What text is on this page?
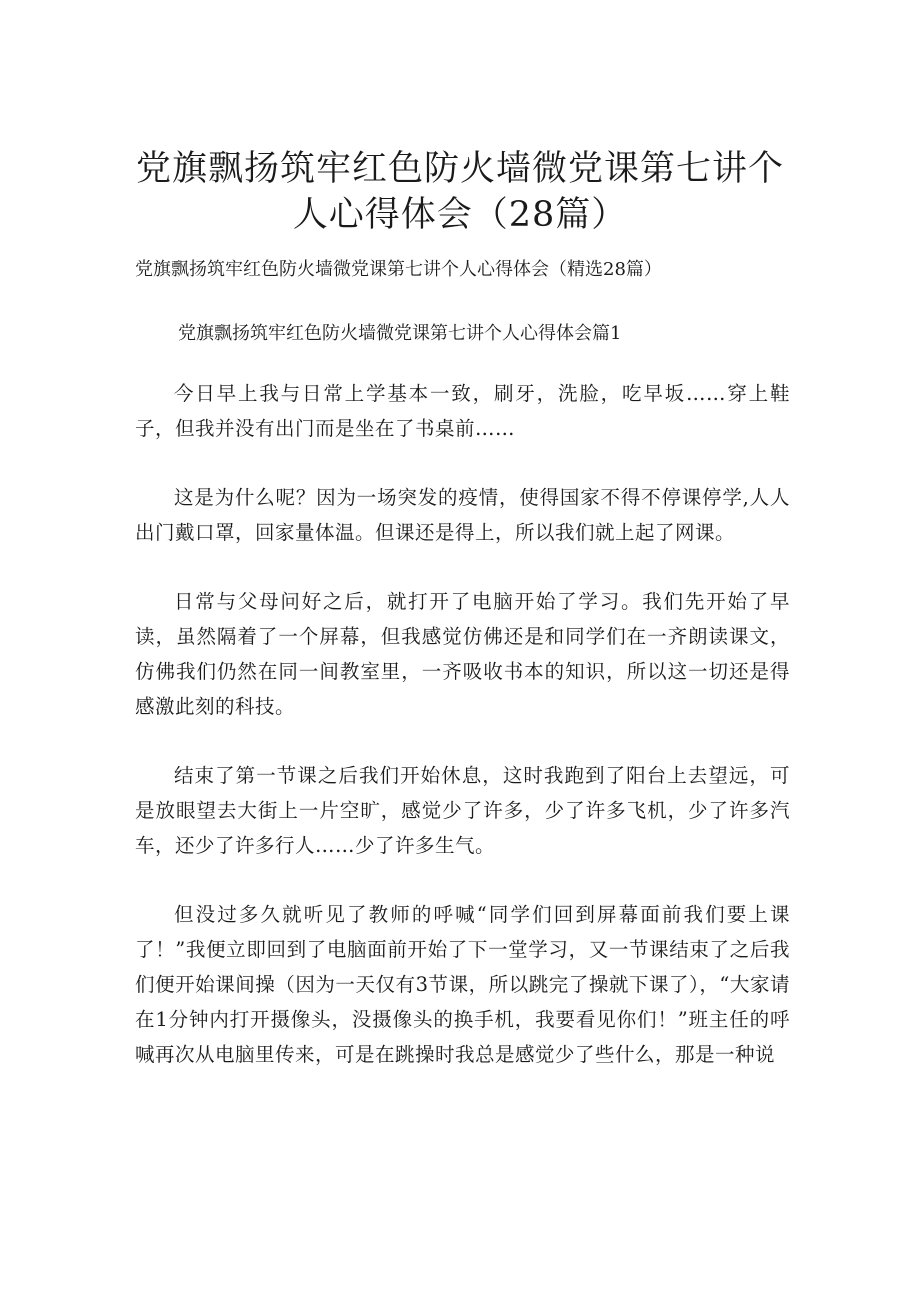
党旗飘扬筑牢红色防火墙微党课第七讲个人心得体会（28篇）

党旗飘扬筑牢红色防火墙微党课第七讲个人心得体会（精选28篇）

党旗飘扬筑牢红色防火墙微党课第七讲个人心得体会篇1

今日早上我与日常上学基本一致，刷牙，洗脸，吃早坂……穿上鞋子，但我并没有出门而是坐在了书桌前……

这是为什么呢？因为一场突发的疫情，使得国家不得不停课停学,人人出门戴口罩，回家量体温。但课还是得上，所以我们就上起了网课。

日常与父母问好之后，就打开了电脑开始了学习。我们先开始了早读，虽然隔着了一个屏幕，但我感觉仿佛还是和同学们在一齐朗读课文，仿佛我们仍然在同一间教室里，一齐吸收书本的知识，所以这一切还是得感激此刻的科技。

结束了第一节课之后我们开始休息，这时我跑到了阳台上去望远，可是放眼望去大街上一片空旷，感觉少了许多，少了许多飞机，少了许多汽车，还少了许多行人……少了许多生气。

但没过多久就听见了教师的呼喊“同学们回到屏幕面前我们要上课了！”我便立即回到了电脑面前开始了下一堂学习，又一节课结束了之后我们便开始课间操（因为一天仅有3节课，所以跳完了操就下课了），“大家请在1分钟内打开摄像头，没摄像头的换手机，我要看见你们！”班主任的呼喊再次从电脑里传来，可是在跳操时我总是感觉少了些什么，那是一种说
